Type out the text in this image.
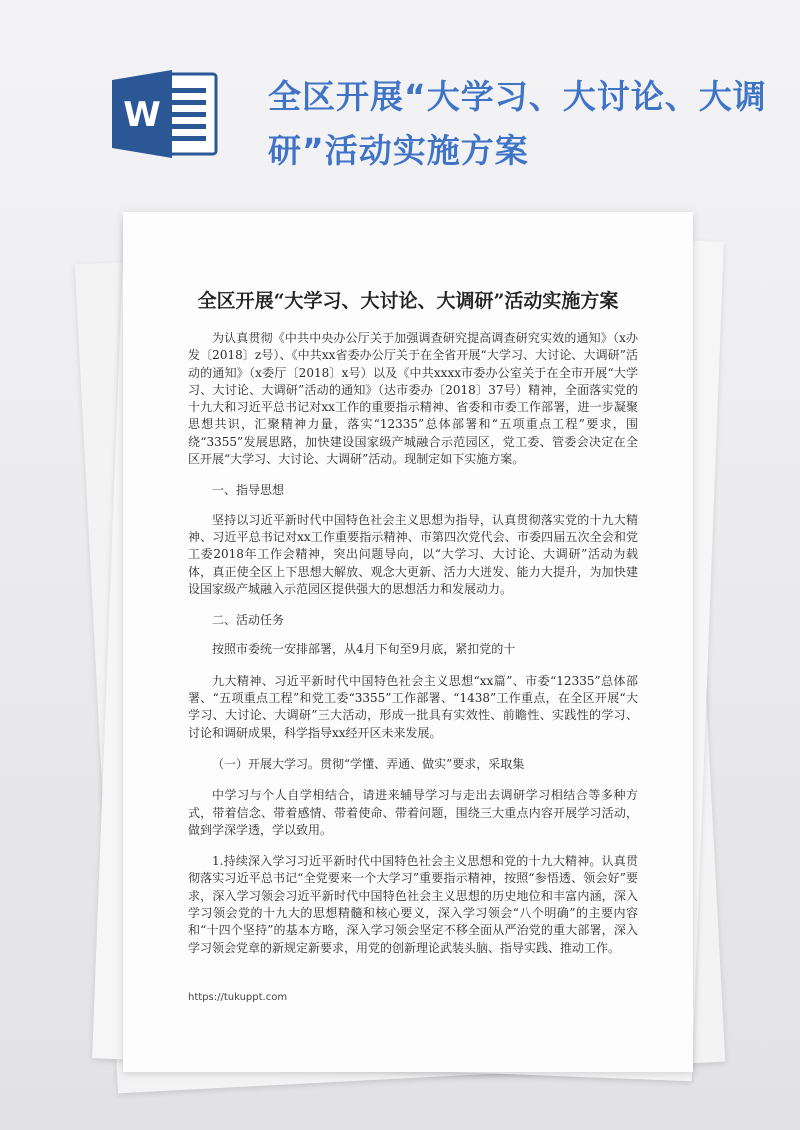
W	全区开展“大学习、大讨论、大调研”活动实施方案
全区开展“大学习、大讨论、大调研”活动实施方案

为认真贯彻《中共中央办公厅关于加强调查研究提高调查研究实效的通知》（x办发〔2018〕z号）、《中共xx省委办公厅关于在全省开展“大学习、大讨论、大调研”活动的通知》（x委厅〔2018〕x号）以及《中共xxxx市委办公室关于在全市开展“大学习、大讨论、大调研”活动的通知》（达市委办〔2018〕37号）精神，全面落实党的十九大和习近平总书记对xx工作的重要指示精神、省委和市委工作部署，进一步凝聚思想共识，汇聚精神力量，落实“12335”总体部署和“五项重点工程”要求，围绕“3355”发展思路，加快建设国家级产城融合示范园区，党工委、管委会决定在全区开展“大学习、大讨论、大调研”活动。现制定如下实施方案。

一、指导思想

坚持以习近平新时代中国特色社会主义思想为指导，认真贯彻落实党的十九大精神、习近平总书记对xx工作重要指示精神、市第四次党代会、市委四届五次全会和党工委2018年工作会精神，突出问题导向，以“大学习、大讨论、大调研”活动为载体，真正使全区上下思想大解放、观念大更新、活力大迸发、能力大提升，为加快建设国家级产城融入示范园区提供强大的思想活力和发展动力。

二、活动任务

按照市委统一安排部署，从4月下旬至9月底，紧扣党的十

九大精神、习近平新时代中国特色社会主义思想“xx篇”、市委“12335”总体部署、“五项重点工程”和党工委“3355”工作部署、“1438”工作重点，在全区开展“大学习、大讨论、大调研”三大活动，形成一批具有实效性、前瞻性、实践性的学习、讨论和调研成果，科学指导xx经开区未来发展。

（一）开展大学习。贯彻“学懂、弄通、做实”要求，采取集

中学习与个人自学相结合，请进来辅导学习与走出去调研学习相结合等多种方式，带着信念、带着感情、带着使命、带着问题，围绕三大重点内容开展学习活动，做到学深学透，学以致用。

1.持续深入学习习近平新时代中国特色社会主义思想和党的十九大精神。认真贯彻落实习近平总书记“全党要来一个大学习”重要指示精神，按照“参悟透、领会好”要求，深入学习领会习近平新时代中国特色社会主义思想的历史地位和丰富内涵，深入学习领会党的十九大的思想精髓和核心要义，深入学习领会“八个明确”的主要内容和“十四个坚持”的基本方略，深入学习领会坚定不移全面从严治党的重大部署，深入学习领会党章的新规定新要求，用党的创新理论武装头脑、指导实践、推动工作。

https://tukuppt.com
